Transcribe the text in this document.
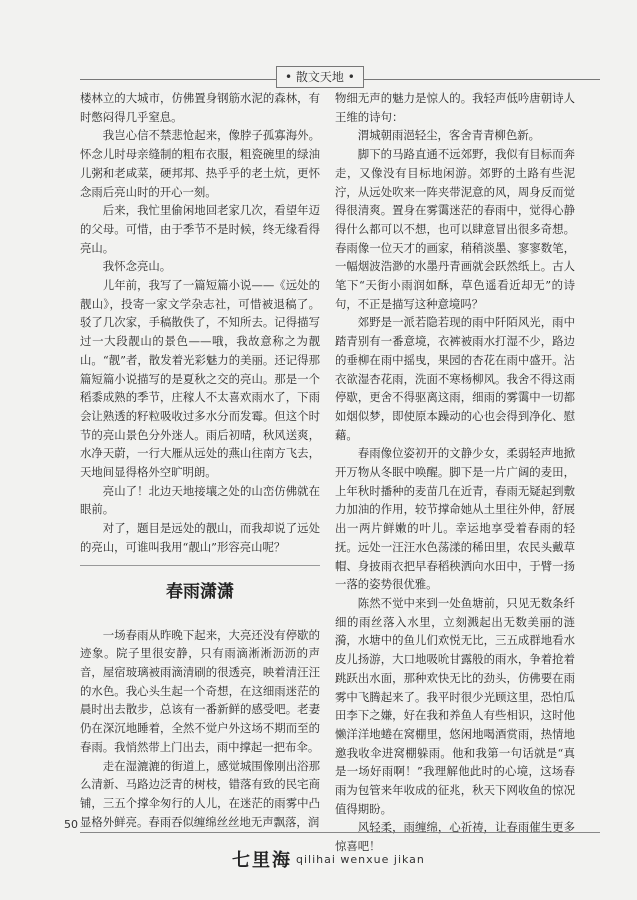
• 散文天地 •

楼林立的大城市，仿佛置身钢筋水泥的森林，有时憋闷得几乎窒息。

我岂心信不禁悲怆起来，像脖子孤寡海外。怀念儿时母亲缝制的粗布衣服，粗瓷碗里的绿油儿粥和老咸菜，硬邦邦、热乎乎的老土炕，更怀念雨后亮山时的开心一刻。

后来，我忙里偷闲地回老家几次，看望年迈的父母。可惜，由于季节不是时候，终无缘看得亮山。

我怀念亮山。

儿年前，我写了一篇短篇小说——《远处的靓山》，投寄一家文学杂志社，可惜被退稿了。驳了几次家，手稿散佚了，不知所去。记得描写过一大段靓山的景色——哦，我故意称之为靓山。“靓”者，散发着光彩魅力的美丽。还记得那篇短篇小说描写的是夏秋之交的亮山。那是一个稻黍成熟的季节，庄稼人不太喜欢雨水了，下雨会让熟透的籽粒吸收过多水分而发霉。但这个时节的亮山景色分外迷人。雨后初晴，秋风送爽，水净天蔚，一行大雁从远处的燕山往南方飞去，天地间显得格外空旷明朗。

亮山了！北边天地接壤之处的山峦仿佛就在眼前。

对了，题目是远处的靓山，而我却说了远处的亮山，可谁叫我用“靓山”形容亮山呢？

春雨潇潇

一场春雨从昨晚下起来，大亮还没有停歇的迹象。院子里很安静，只有雨滴淅淅沥沥的声音，屋宿玻璃被雨滴清刷的很透亮，映着清汪汪的水色。我心头生起一个奇想，在这细雨迷茫的晨时出去散步，总该有一番新鲜的感受吧。老妻仍在深沉地睡着，全然不觉户外这场不期而至的春雨。我悄然带上门出去，雨中撑起一把布伞。

走在湿漉漉的街道上，感觉城围像刚出浴那么清新、马路边泛青的树枝，错落有致的民宅商铺，三五个撑伞匆行的人儿，在迷茫的雨雾中凸显格外鲜亮。春雨吞似缠绵丝丝地无声飘落，润

物细无声的魅力是惊人的。我轻声低吟唐朝诗人王维的诗句：

渭城朝雨浥轻尘，客舍青青柳色新。

脚下的马路直通不远郊野，我似有目标而奔走，又像没有目标地闲游。郊野的土路有些泥泞，从远处吹来一阵夹带泥意的风，周身反而觉得很清爽。置身在雾霭迷茫的春雨中，觉得心静得什么都可以不想，也可以肆意冒出很多奇想。春雨像一位天才的画家，稍稍淡墨、寥寥数笔，一幅烟波浩渺的水墨丹青画就会跃然纸上。古人笔下“天街小雨润如酥，草色遥看近却无”的诗句，不正是描写这种意境吗？

郊野是一派若隐若现的雨中阡陌风光，雨中踏青别有一番意境，衣裤被雨水打湿不少，路边的垂柳在雨中摇曳，果园的杏花在雨中盛开。沾衣欲湿杏花雨，洗面不寒杨柳风。我舍不得这雨停歇，更舍不得驱离这雨，细雨的雾霭中一切都如烟似梦，即使原本躁动的心也会得到净化、慰藉。

春雨像位姿初开的文静少女，柔弱轻声地掀开万物从冬眠中唤醒。脚下是一片广阔的麦田，上年秋时播种的麦苗几在近青，春雨无疑起到敷力加油的作用，较节撑命她从土里往外伸，舒展出一两片鲜嫩的叶儿。幸运地享受着春雨的轻抚。远处一汪汪水色荡漾的稀田里，农民头戴草帽、身披雨衣把早春稻秧洒向水田中，于臂一扬一落的姿势很优雅。

陈然不觉中来到一处鱼塘前，只见无数条纤细的雨丝落入水里，立刻溅起出无数美丽的涟漪，水塘中的鱼儿们欢悦无比，三五成群地看水皮儿扬游，大口地吸吮甘露般的雨水，争着抢着跳跃出水面，那种欢快无比的劲头，仿佛要在雨雾中飞腾起来了。我平时很少光顾这里，恐怕瓜田李下之嫌，好在我和养鱼人有些相识，这时他懒洋洋地蜷在窝棚里，悠闲地喝酒赏雨，热情地邀我收伞进窝棚躲雨。他和我第一句话就是“真是一场好雨啊！”我理解他此时的心境，这场春雨为包管来年收成的征兆，秋天下网收鱼的惊况值得期盼。

风轻柔，雨缠绵，心祈祷，让春雨催生更多惊喜吧！

50
七里海 qilihai wenxue jikan
